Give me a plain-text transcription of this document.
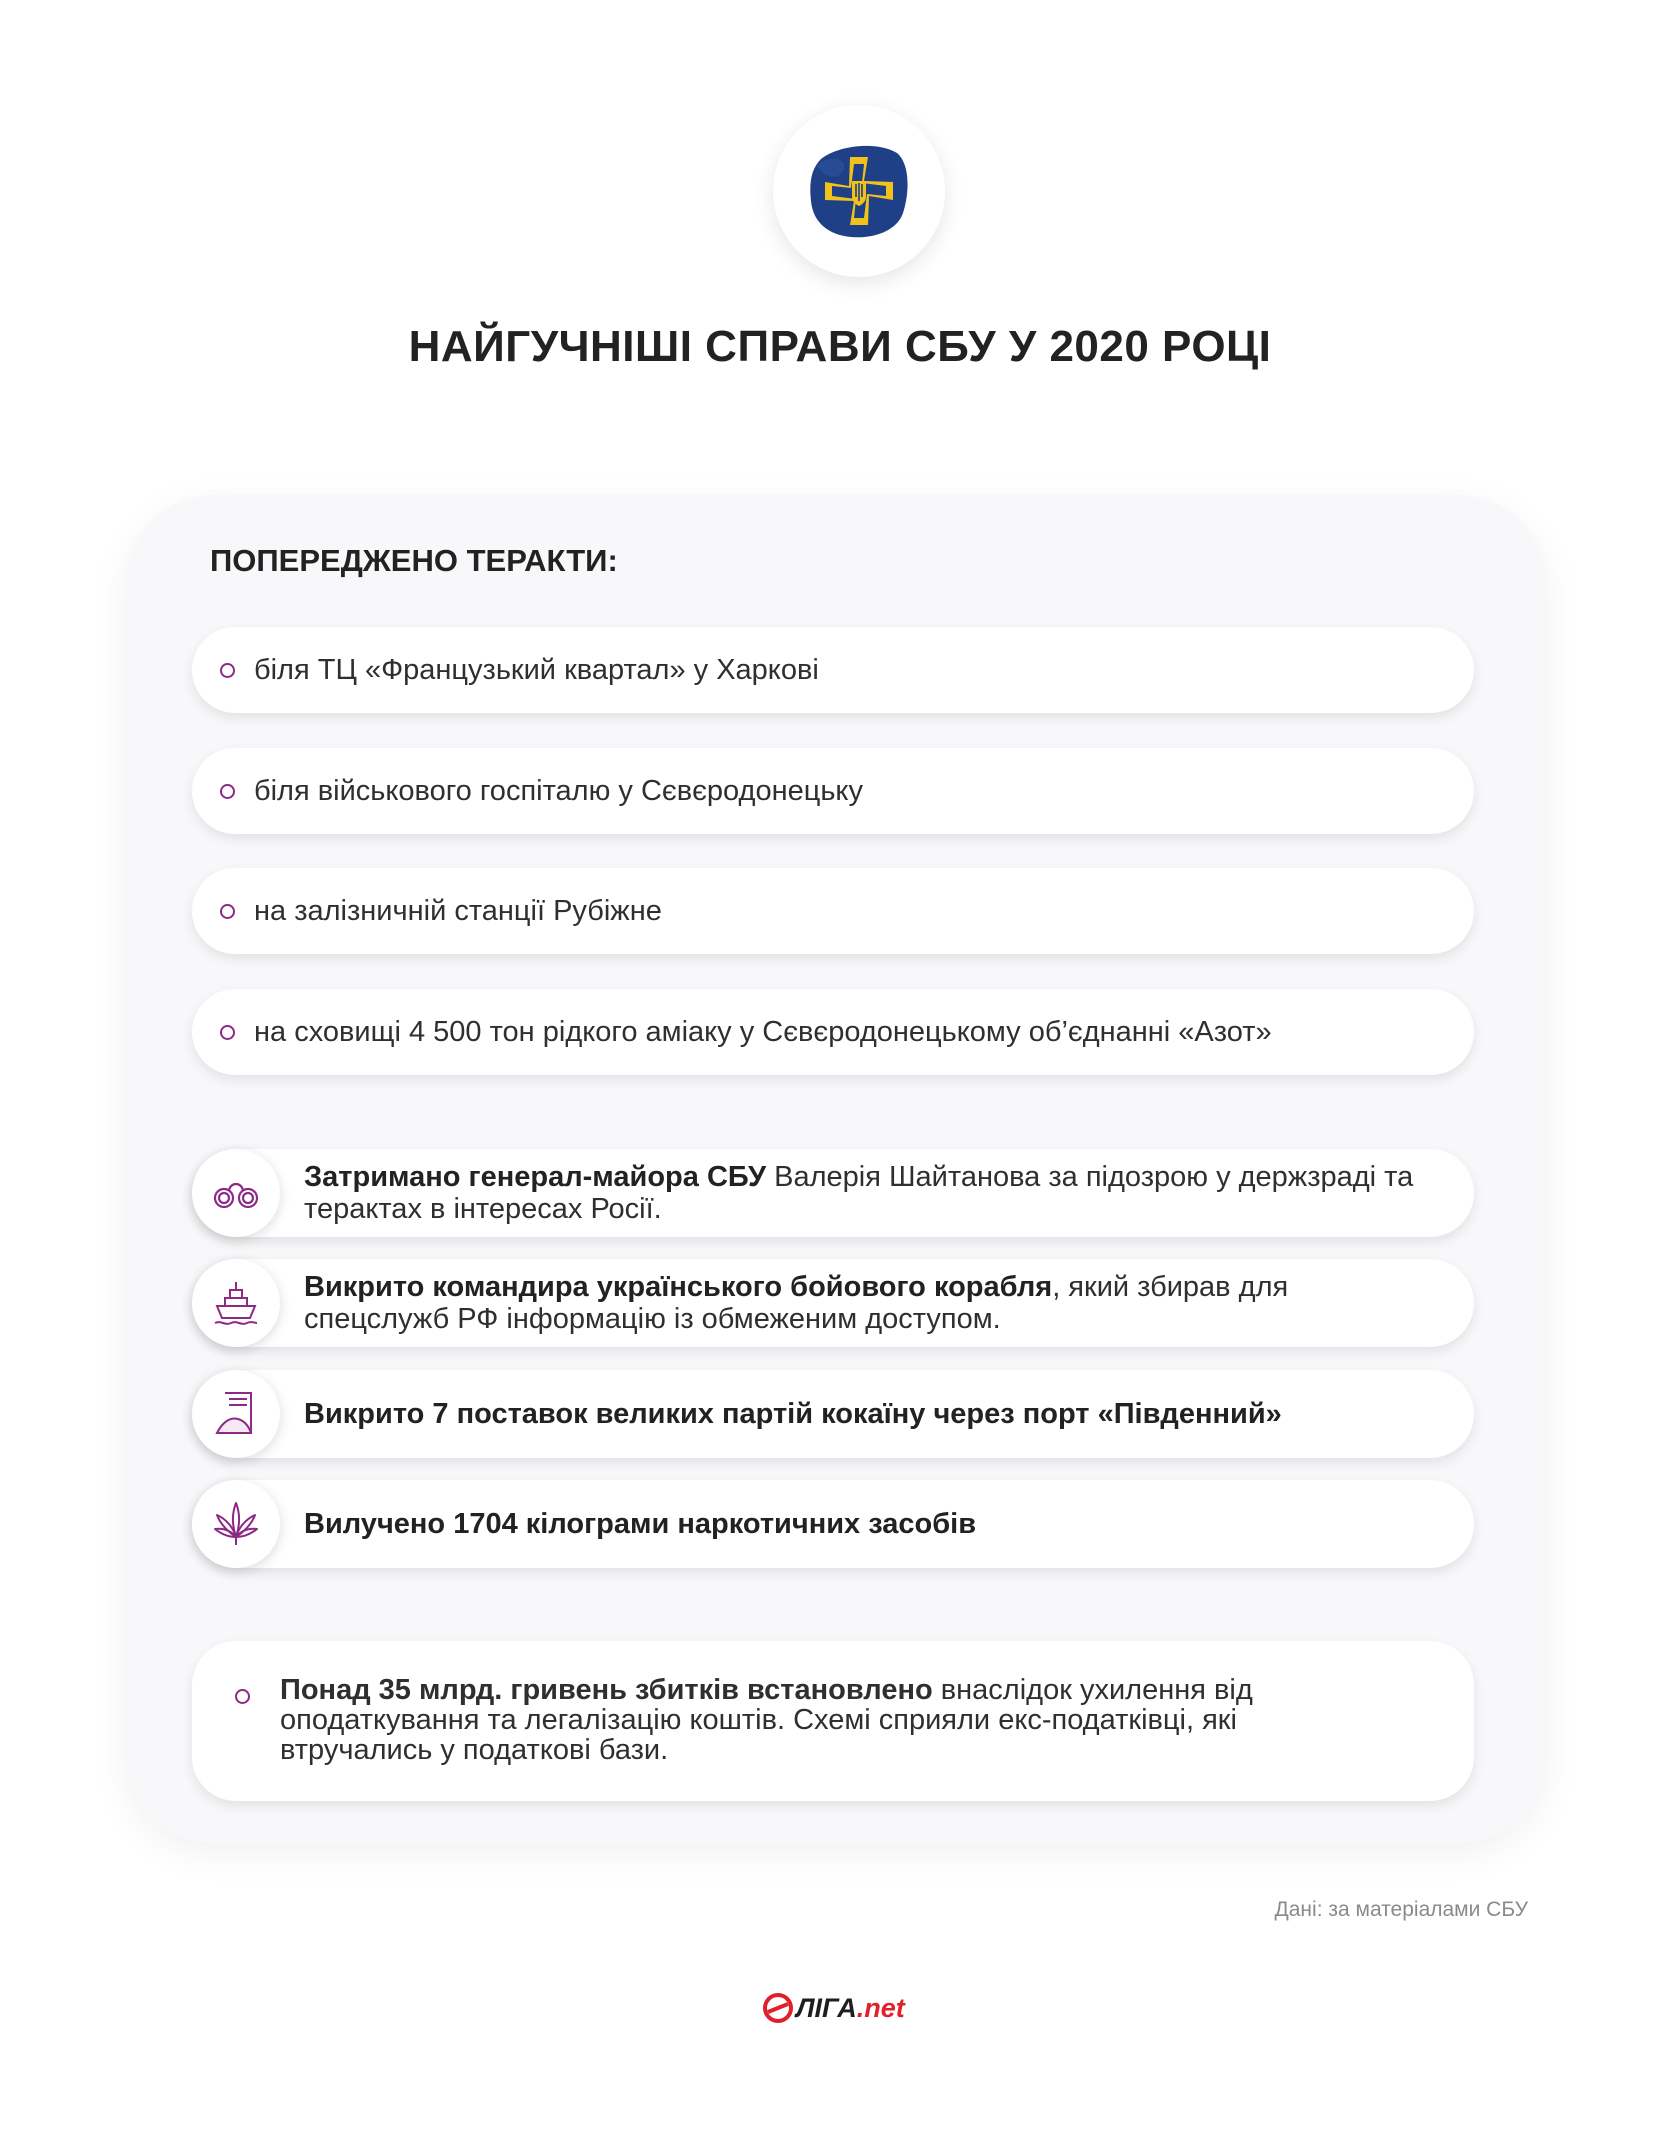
НАЙГУЧНІШІ СПРАВИ СБУ У 2020 РОЦІ
ПОПЕРЕДЖЕНО ТЕРАКТИ:
біля ТЦ «Французький квартал» у Харкові
біля військового госпіталю у Сєвєродонецьку
на залізничній станції Рубіжне
на сховищі 4 500 тон рідкого аміаку у Сєвєродонецькому об’єднанні «Азот»
Затримано генерал-майора СБУ Валерія Шайтанова за підозрою у держзраді та терактах в інтересах Росії.
Викрито командира українського бойового корабля, який збирав для спецслужб РФ інформацію із обмеженим доступом.
Викрито 7 поставок великих партій кокаїну через порт «Південний»
Вилучено 1704 кілограми наркотичних засобів
Понад 35 млрд. гривень збитків встановлено внаслідок ухилення від оподаткування та легалізацію коштів. Схемі сприяли екс-податківці, які втручались у податкові бази.
Дані: за матеріалами СБУ
ЛІГА .net
